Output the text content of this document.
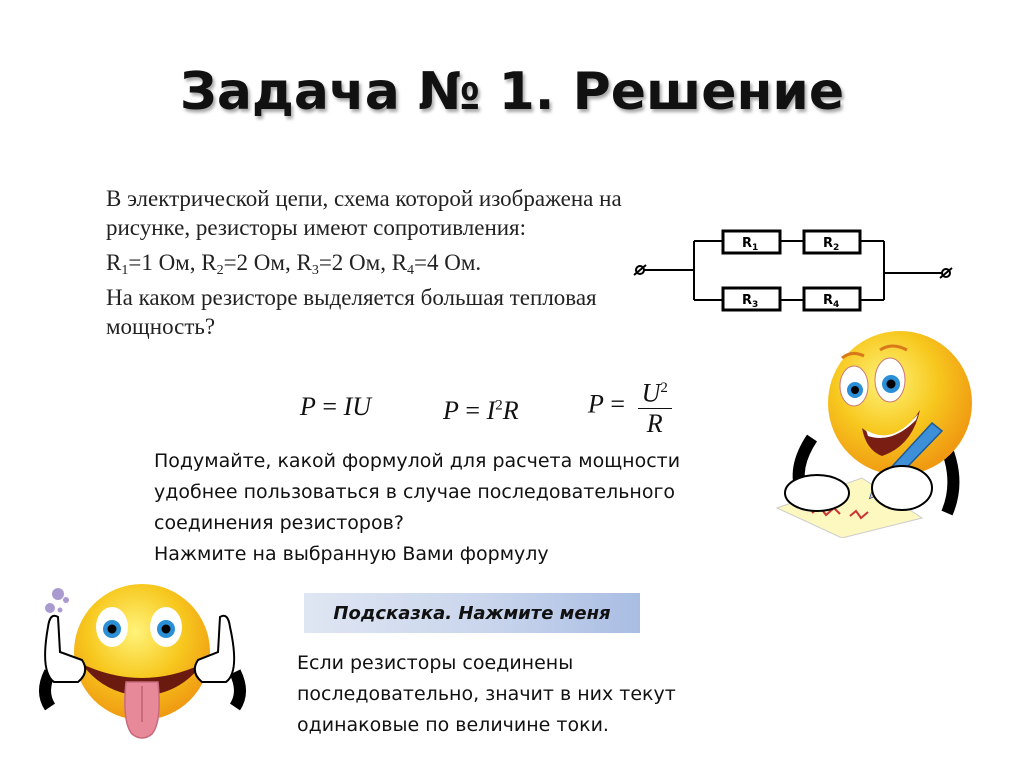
Задача № 1. Решение

В электрической цепи, схема которой изображена на
рисунке, резисторы имеют сопротивления:

$R_1=1$ Ом, $R_2=2$ Ом, $R_3=2$ Ом, $R_4=4$ Ом.

На каком резисторе выделяется большая тепловая
мощность?

$R_1$	$R_2$
$R_3$	$R_4$
P = IU	$P = I^2R$	$P = \frac{U^2}{R}$

Подумайте, какой формулой для расчета мощности

удобнее пользоваться в случае последовательного

соединения резисторов?

Нажмите на выбранную Вами формулу

Подсказка. Нажмите меня

Если резисторы соединены

последовательно, значит в них текут

одинаковые по величине токи.
